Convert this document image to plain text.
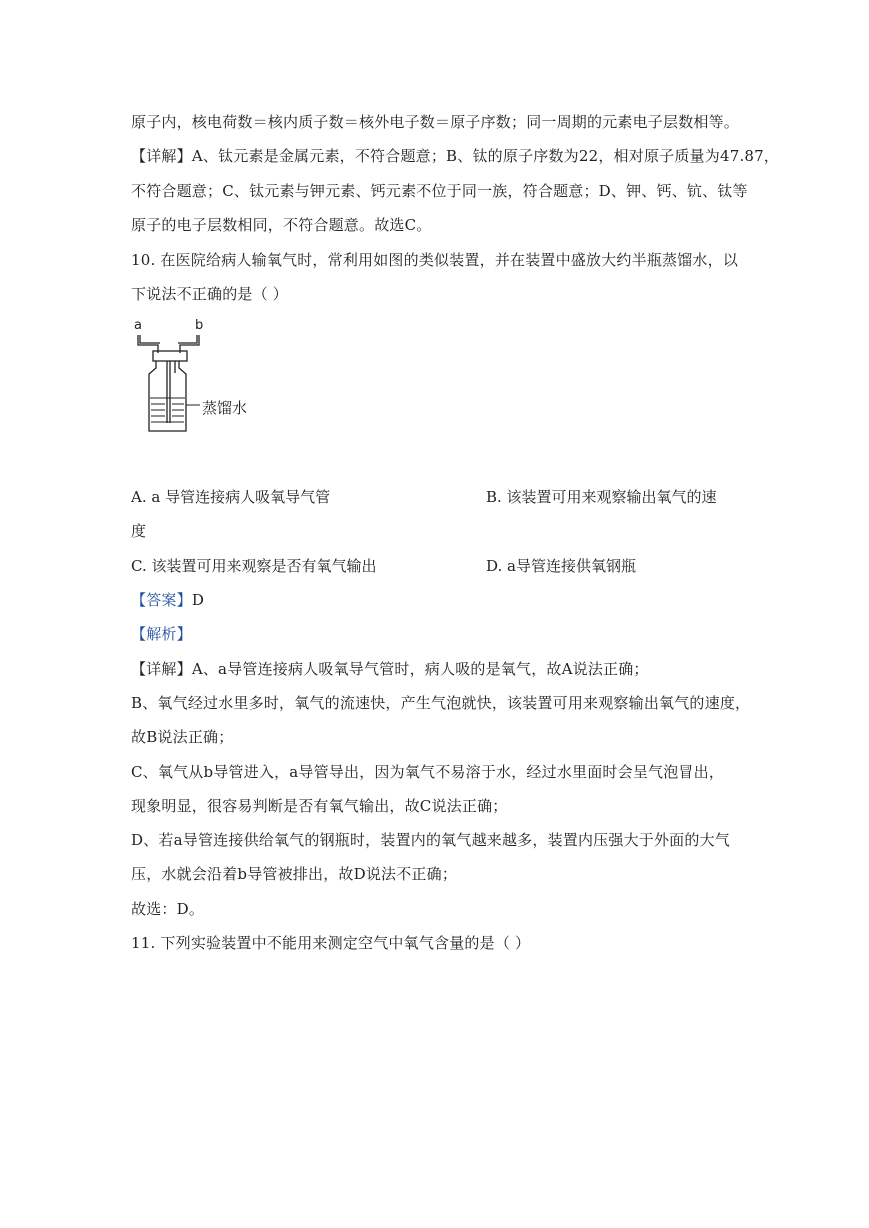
原子内，核电荷数＝核内质子数＝核外电子数＝原子序数；同一周期的元素电子层数相等。
【详解】A、钛元素是金属元素，不符合题意；B、钛的原子序数为22，相对原子质量为47.87，
不符合题意；C、钛元素与钾元素、钙元素不位于同一族，符合题意；D、钾、钙、钪、钛等
原子的电子层数相同，不符合题意。故选C。
10. 在医院给病人输氧气时，常利用如图的类似装置，并在装置中盛放大约半瓶蒸馏水，以
下说法不正确的是（ ）
a	b
蒸馏水
A. a 导管连接病人吸氧导气管	B. 该装置可用来观察输出氧气的速
度
C. 该装置可用来观察是否有氧气输出	D. a导管连接供氧钢瓶
【答案】D
【解析】
【详解】A、a导管连接病人吸氧导气管时，病人吸的是氧气，故A说法正确；
B、氧气经过水里多时，氧气的流速快，产生气泡就快，该装置可用来观察输出氧气的速度，
故B说法正确；
C、氧气从b导管进入，a导管导出，因为氧气不易溶于水，经过水里面时会呈气泡冒出，
现象明显，很容易判断是否有氧气输出，故C说法正确；
D、若a导管连接供给氧气的钢瓶时，装置内的氧气越来越多，装置内压强大于外面的大气
压，水就会沿着b导管被排出，故D说法不正确；
故选：D。
11. 下列实验装置中不能用来测定空气中氧气含量的是（ ）
